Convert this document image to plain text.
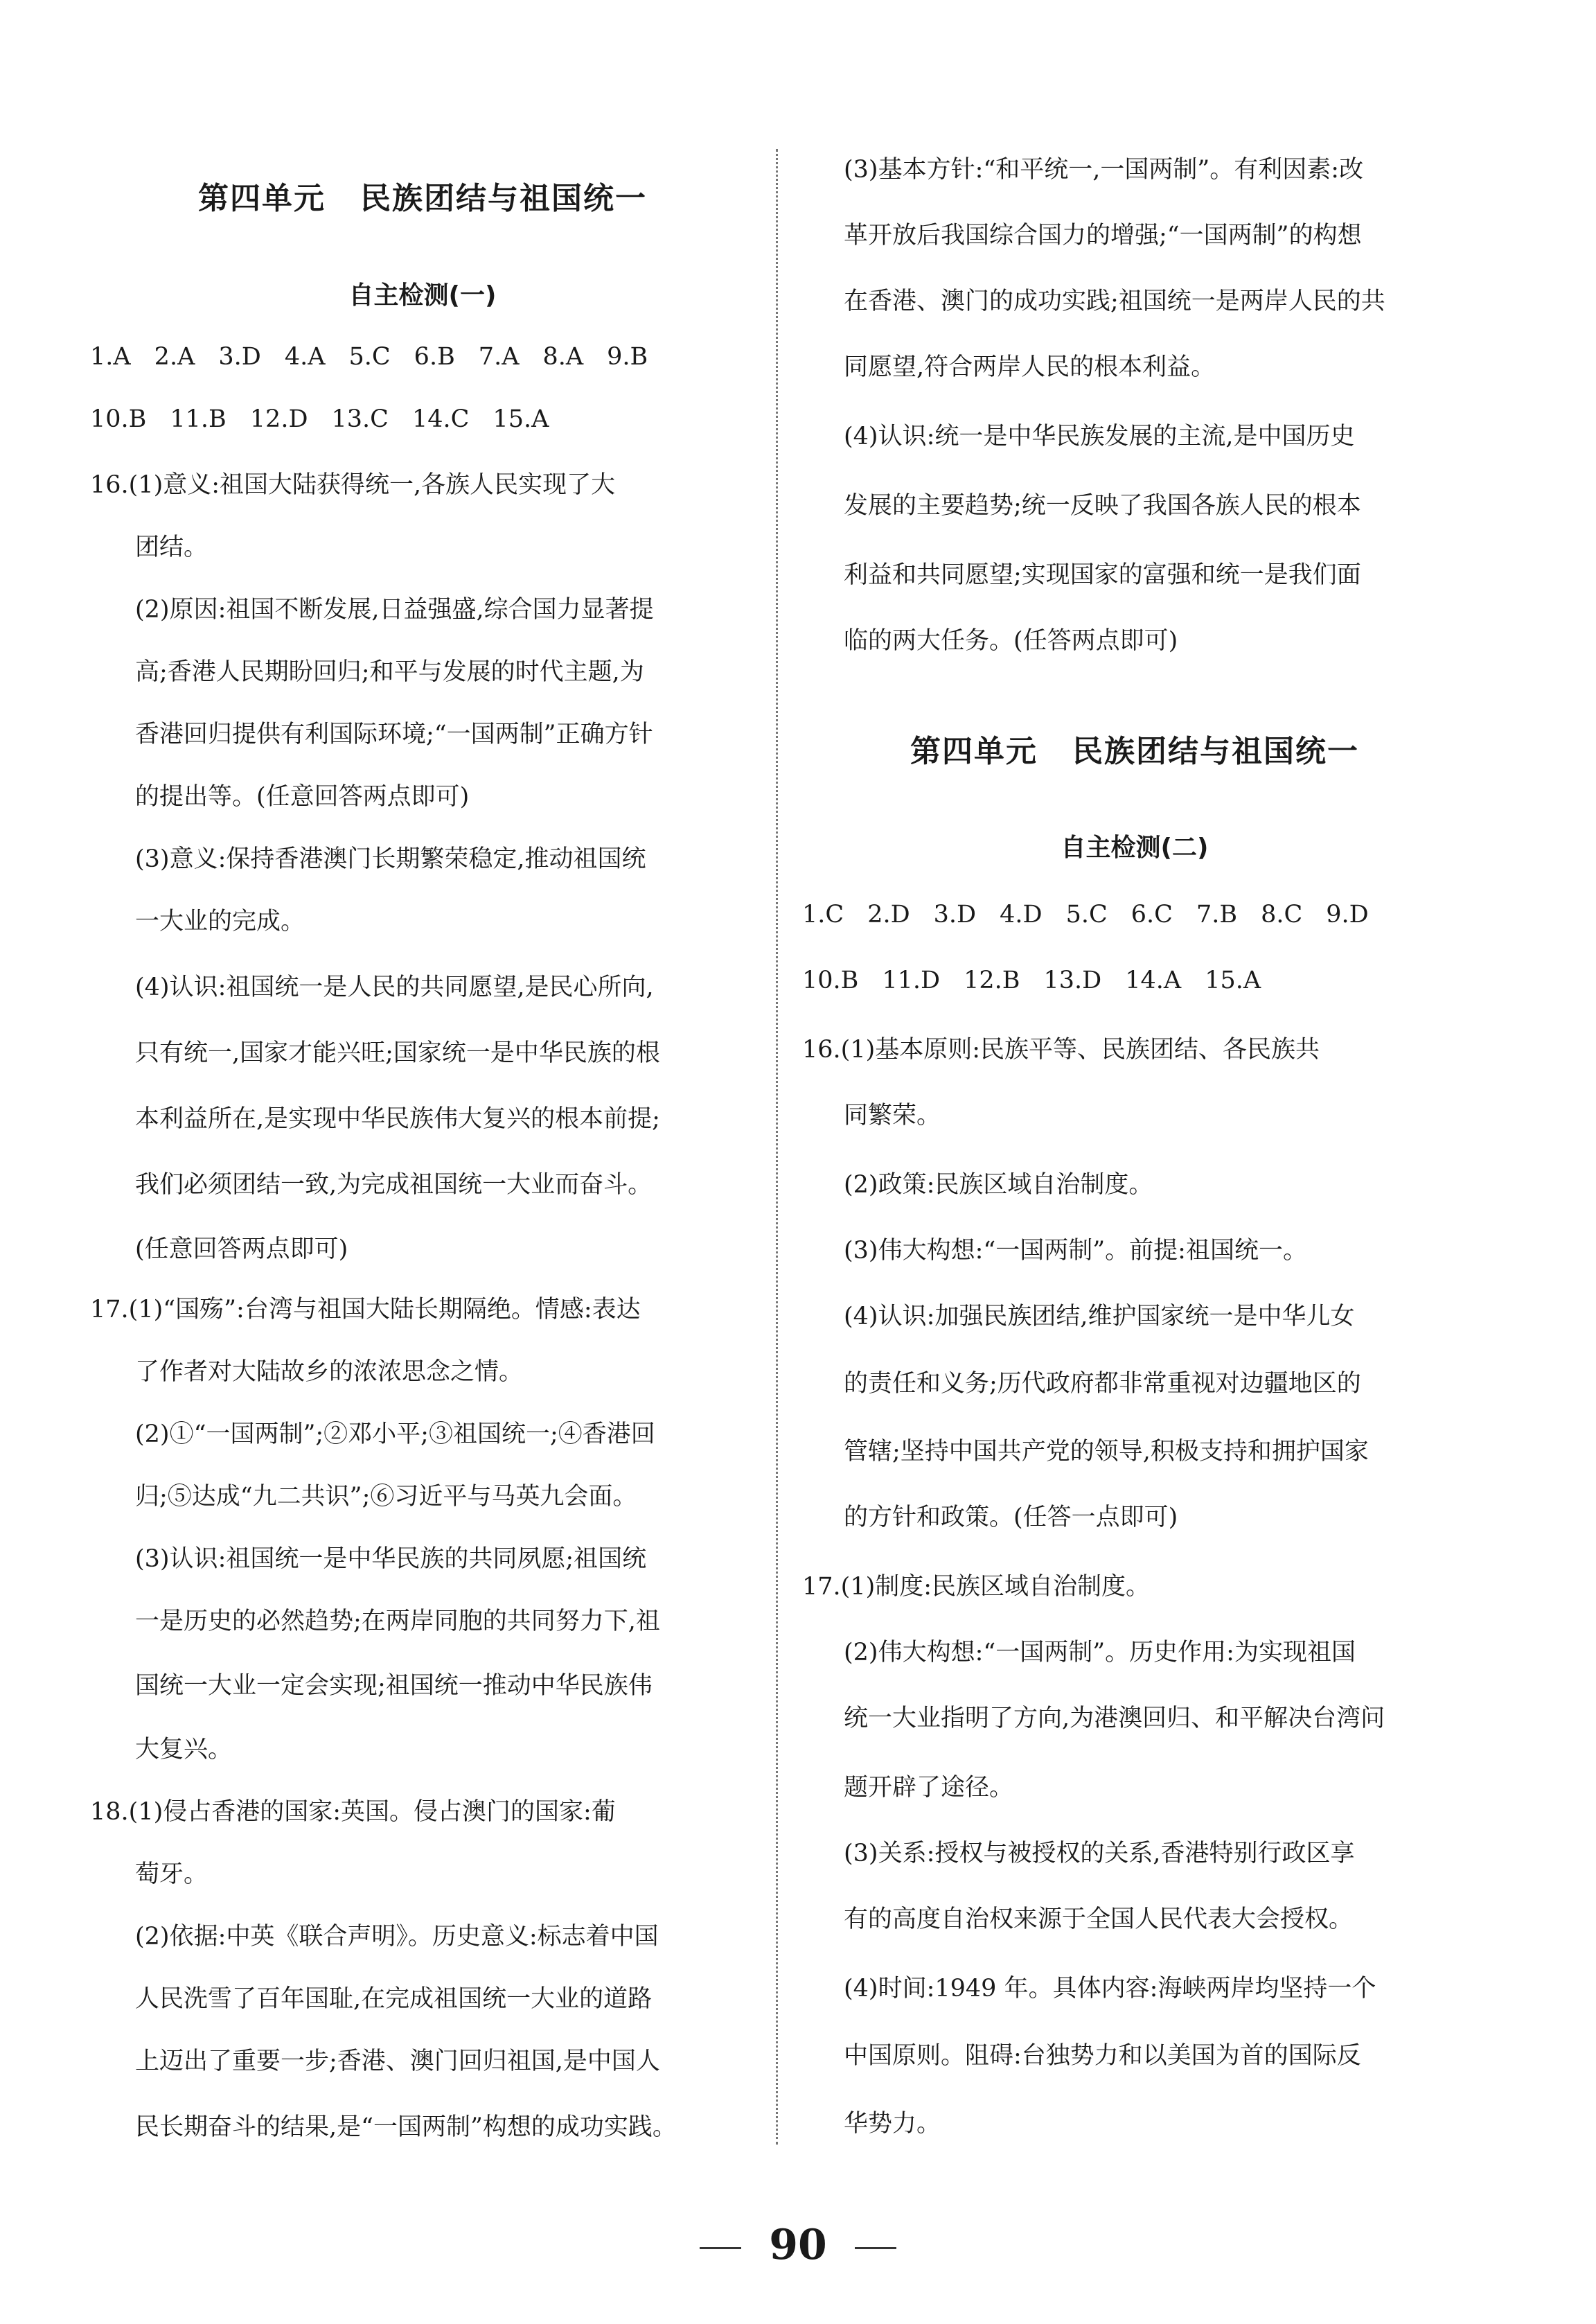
第四单元 民族团结与祖国统一
自主检测(一)
1.A 2.A 3.D 4.A 5.C 6.B 7.A 8.A 9.B
10.B 11.B 12.D 13.C 14.C 15.A
16.(1)意义:祖国大陆获得统一,各族人民实现了大
团结。
(2)原因:祖国不断发展,日益强盛,综合国力显著提
高;香港人民期盼回归;和平与发展的时代主题,为
香港回归提供有利国际环境;“一国两制”正确方针
的提出等。(任意回答两点即可)
(3)意义:保持香港澳门长期繁荣稳定,推动祖国统
一大业的完成。
(4)认识:祖国统一是人民的共同愿望,是民心所向,
只有统一,国家才能兴旺;国家统一是中华民族的根
本利益所在,是实现中华民族伟大复兴的根本前提;
我们必须团结一致,为完成祖国统一大业而奋斗。
(任意回答两点即可)
17.(1)“国殇”:台湾与祖国大陆长期隔绝。情感:表达
了作者对大陆故乡的浓浓思念之情。
(2)①“一国两制”;②邓小平;③祖国统一;④香港回
归;⑤达成“九二共识”;⑥习近平与马英九会面。
(3)认识:祖国统一是中华民族的共同夙愿;祖国统
一是历史的必然趋势;在两岸同胞的共同努力下,祖
国统一大业一定会实现;祖国统一推动中华民族伟
大复兴。
18.(1)侵占香港的国家:英国。侵占澳门的国家:葡
萄牙。
(2)依据:中英《联合声明》。历史意义:标志着中国
人民洗雪了百年国耻,在完成祖国统一大业的道路
上迈出了重要一步;香港、澳门回归祖国,是中国人
民长期奋斗的结果,是“一国两制”构想的成功实践。
(3)基本方针:“和平统一,一国两制”。有利因素:改
革开放后我国综合国力的增强;“一国两制”的构想
在香港、澳门的成功实践;祖国统一是两岸人民的共
同愿望,符合两岸人民的根本利益。
(4)认识:统一是中华民族发展的主流,是中国历史
发展的主要趋势;统一反映了我国各族人民的根本
利益和共同愿望;实现国家的富强和统一是我们面
临的两大任务。(任答两点即可)
第四单元 民族团结与祖国统一
自主检测(二)
1.C 2.D 3.D 4.D 5.C 6.C 7.B 8.C 9.D
10.B 11.D 12.B 13.D 14.A 15.A
16.(1)基本原则:民族平等、民族团结、各民族共
同繁荣。
(2)政策:民族区域自治制度。
(3)伟大构想:“一国两制”。前提:祖国统一。
(4)认识:加强民族团结,维护国家统一是中华儿女
的责任和义务;历代政府都非常重视对边疆地区的
管辖;坚持中国共产党的领导,积极支持和拥护国家
的方针和政策。(任答一点即可)
17.(1)制度:民族区域自治制度。
(2)伟大构想:“一国两制”。历史作用:为实现祖国
统一大业指明了方向,为港澳回归、和平解决台湾问
题开辟了途径。
(3)关系:授权与被授权的关系,香港特别行政区享
有的高度自治权来源于全国人民代表大会授权。
(4)时间:1949 年。具体内容:海峡两岸均坚持一个
中国原则。阻碍:台独势力和以美国为首的国际反
华势力。
90
